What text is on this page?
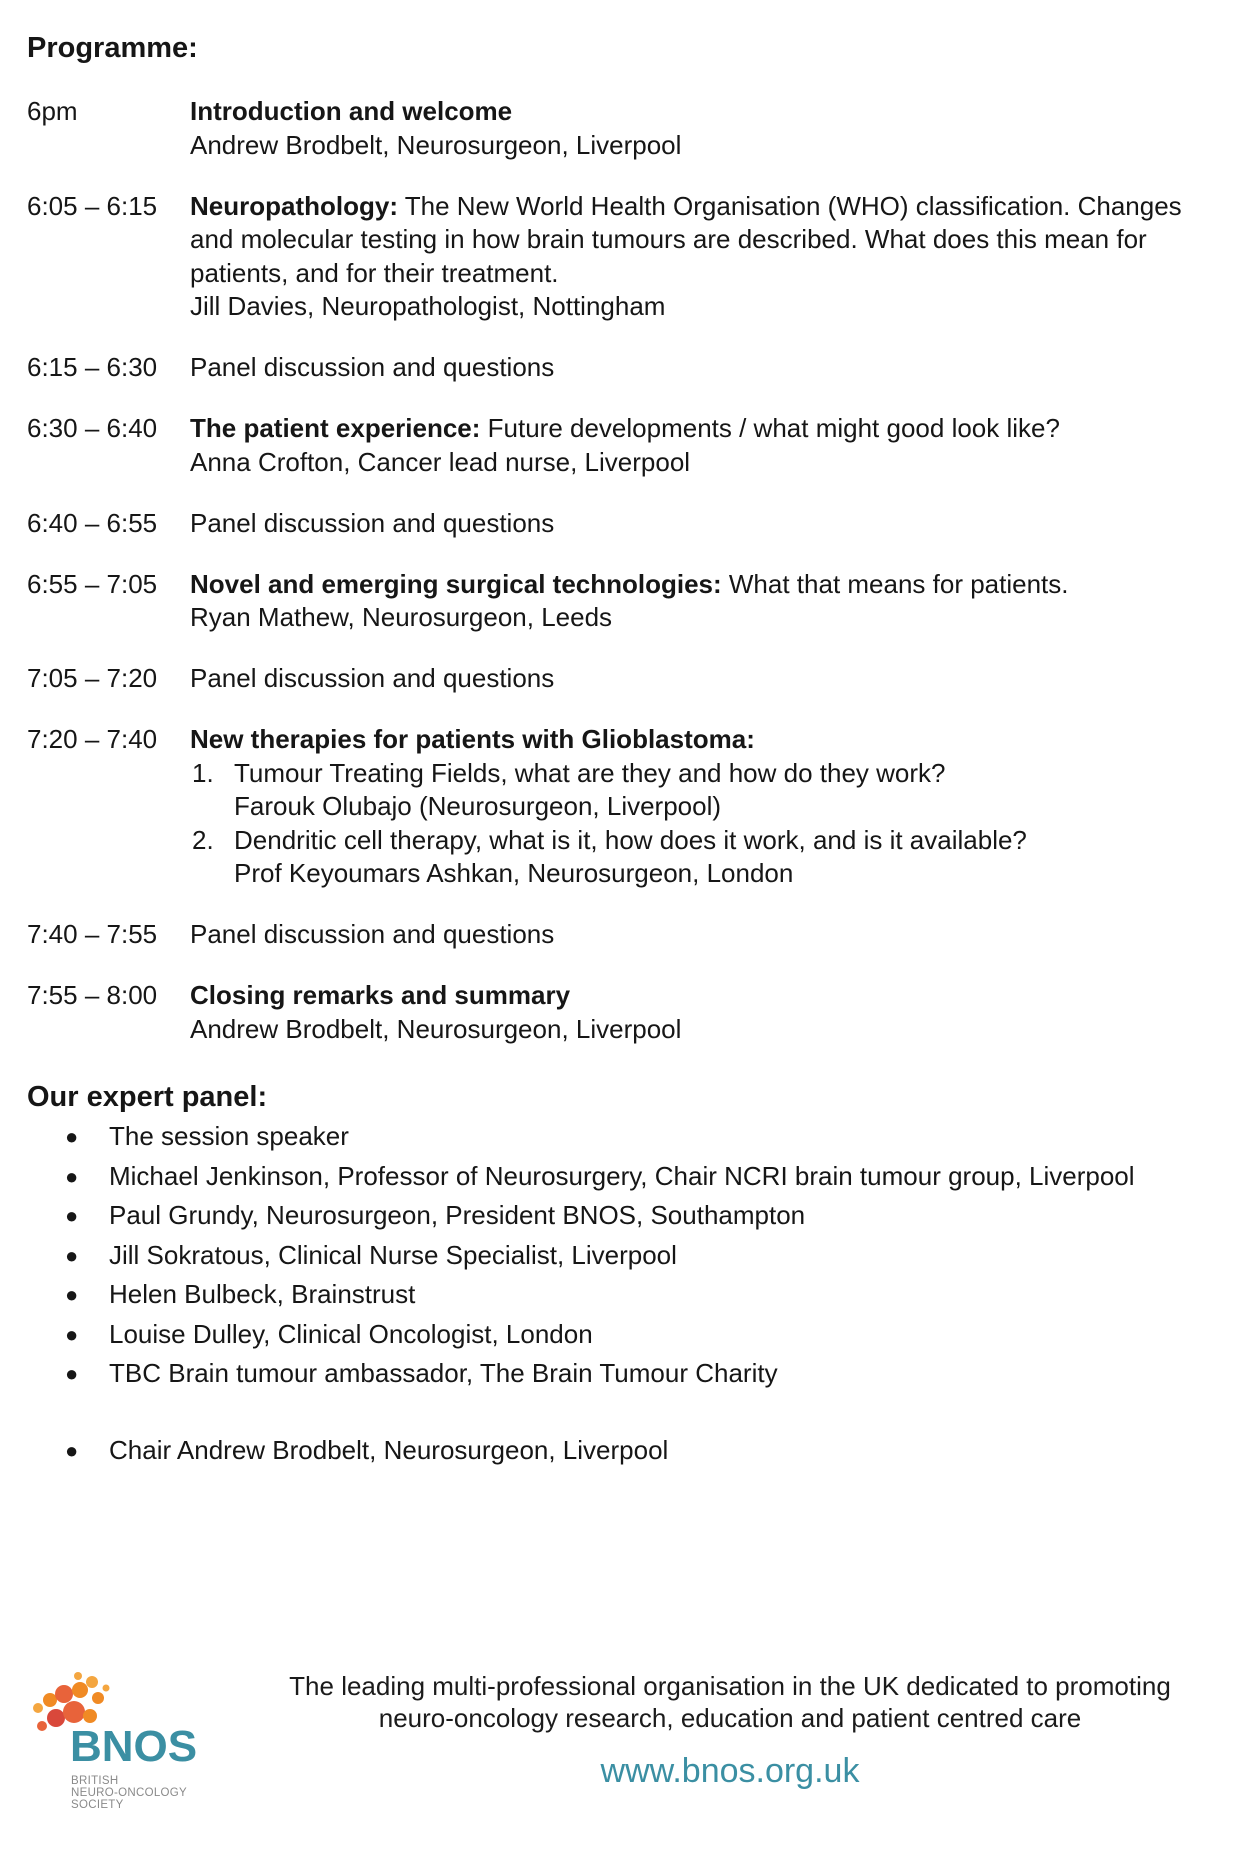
Programme:
6pm	Introduction and welcome
Andrew Brodbelt, Neurosurgeon, Liverpool
6:05 – 6:15	Neuropathology: The New World Health Organisation (WHO) classification. Changes and molecular testing in how brain tumours are described. What does this mean for patients, and for their treatment.
Jill Davies, Neuropathologist, Nottingham
6:15 – 6:30	Panel discussion and questions
6:30 – 6:40	The patient experience: Future developments / what might good look like?
Anna Crofton, Cancer lead nurse, Liverpool
6:40 – 6:55	Panel discussion and questions
6:55 – 7:05	Novel and emerging surgical technologies: What that means for patients.
Ryan Mathew, Neurosurgeon, Leeds
7:05 – 7:20	Panel discussion and questions
7:20 – 7:40	New therapies for patients with Glioblastoma:
1. Tumour Treating Fields, what are they and how do they work?
Farouk Olubajo (Neurosurgeon, Liverpool)
2. Dendritic cell therapy, what is it, how does it work, and is it available?
Prof Keyoumars Ashkan, Neurosurgeon, London
7:40 – 7:55	Panel discussion and questions
7:55 – 8:00	Closing remarks and summary
Andrew Brodbelt, Neurosurgeon, Liverpool
Our expert panel:
●	The session speaker
●	Michael Jenkinson, Professor of Neurosurgery, Chair NCRI brain tumour group, Liverpool
●	Paul Grundy, Neurosurgeon, President BNOS, Southampton
●	Jill Sokratous, Clinical Nurse Specialist, Liverpool
●	Helen Bulbeck, Brainstrust
●	Louise Dulley, Clinical Oncologist, London
●	TBC Brain tumour ambassador, The Brain Tumour Charity
●	Chair Andrew Brodbelt, Neurosurgeon, Liverpool
BNOS
BRITISH
NEURO-ONCOLOGY
SOCIETY
The leading multi-professional organisation in the UK dedicated to promoting
neuro-oncology research, education and patient centred care
www.bnos.org.uk
